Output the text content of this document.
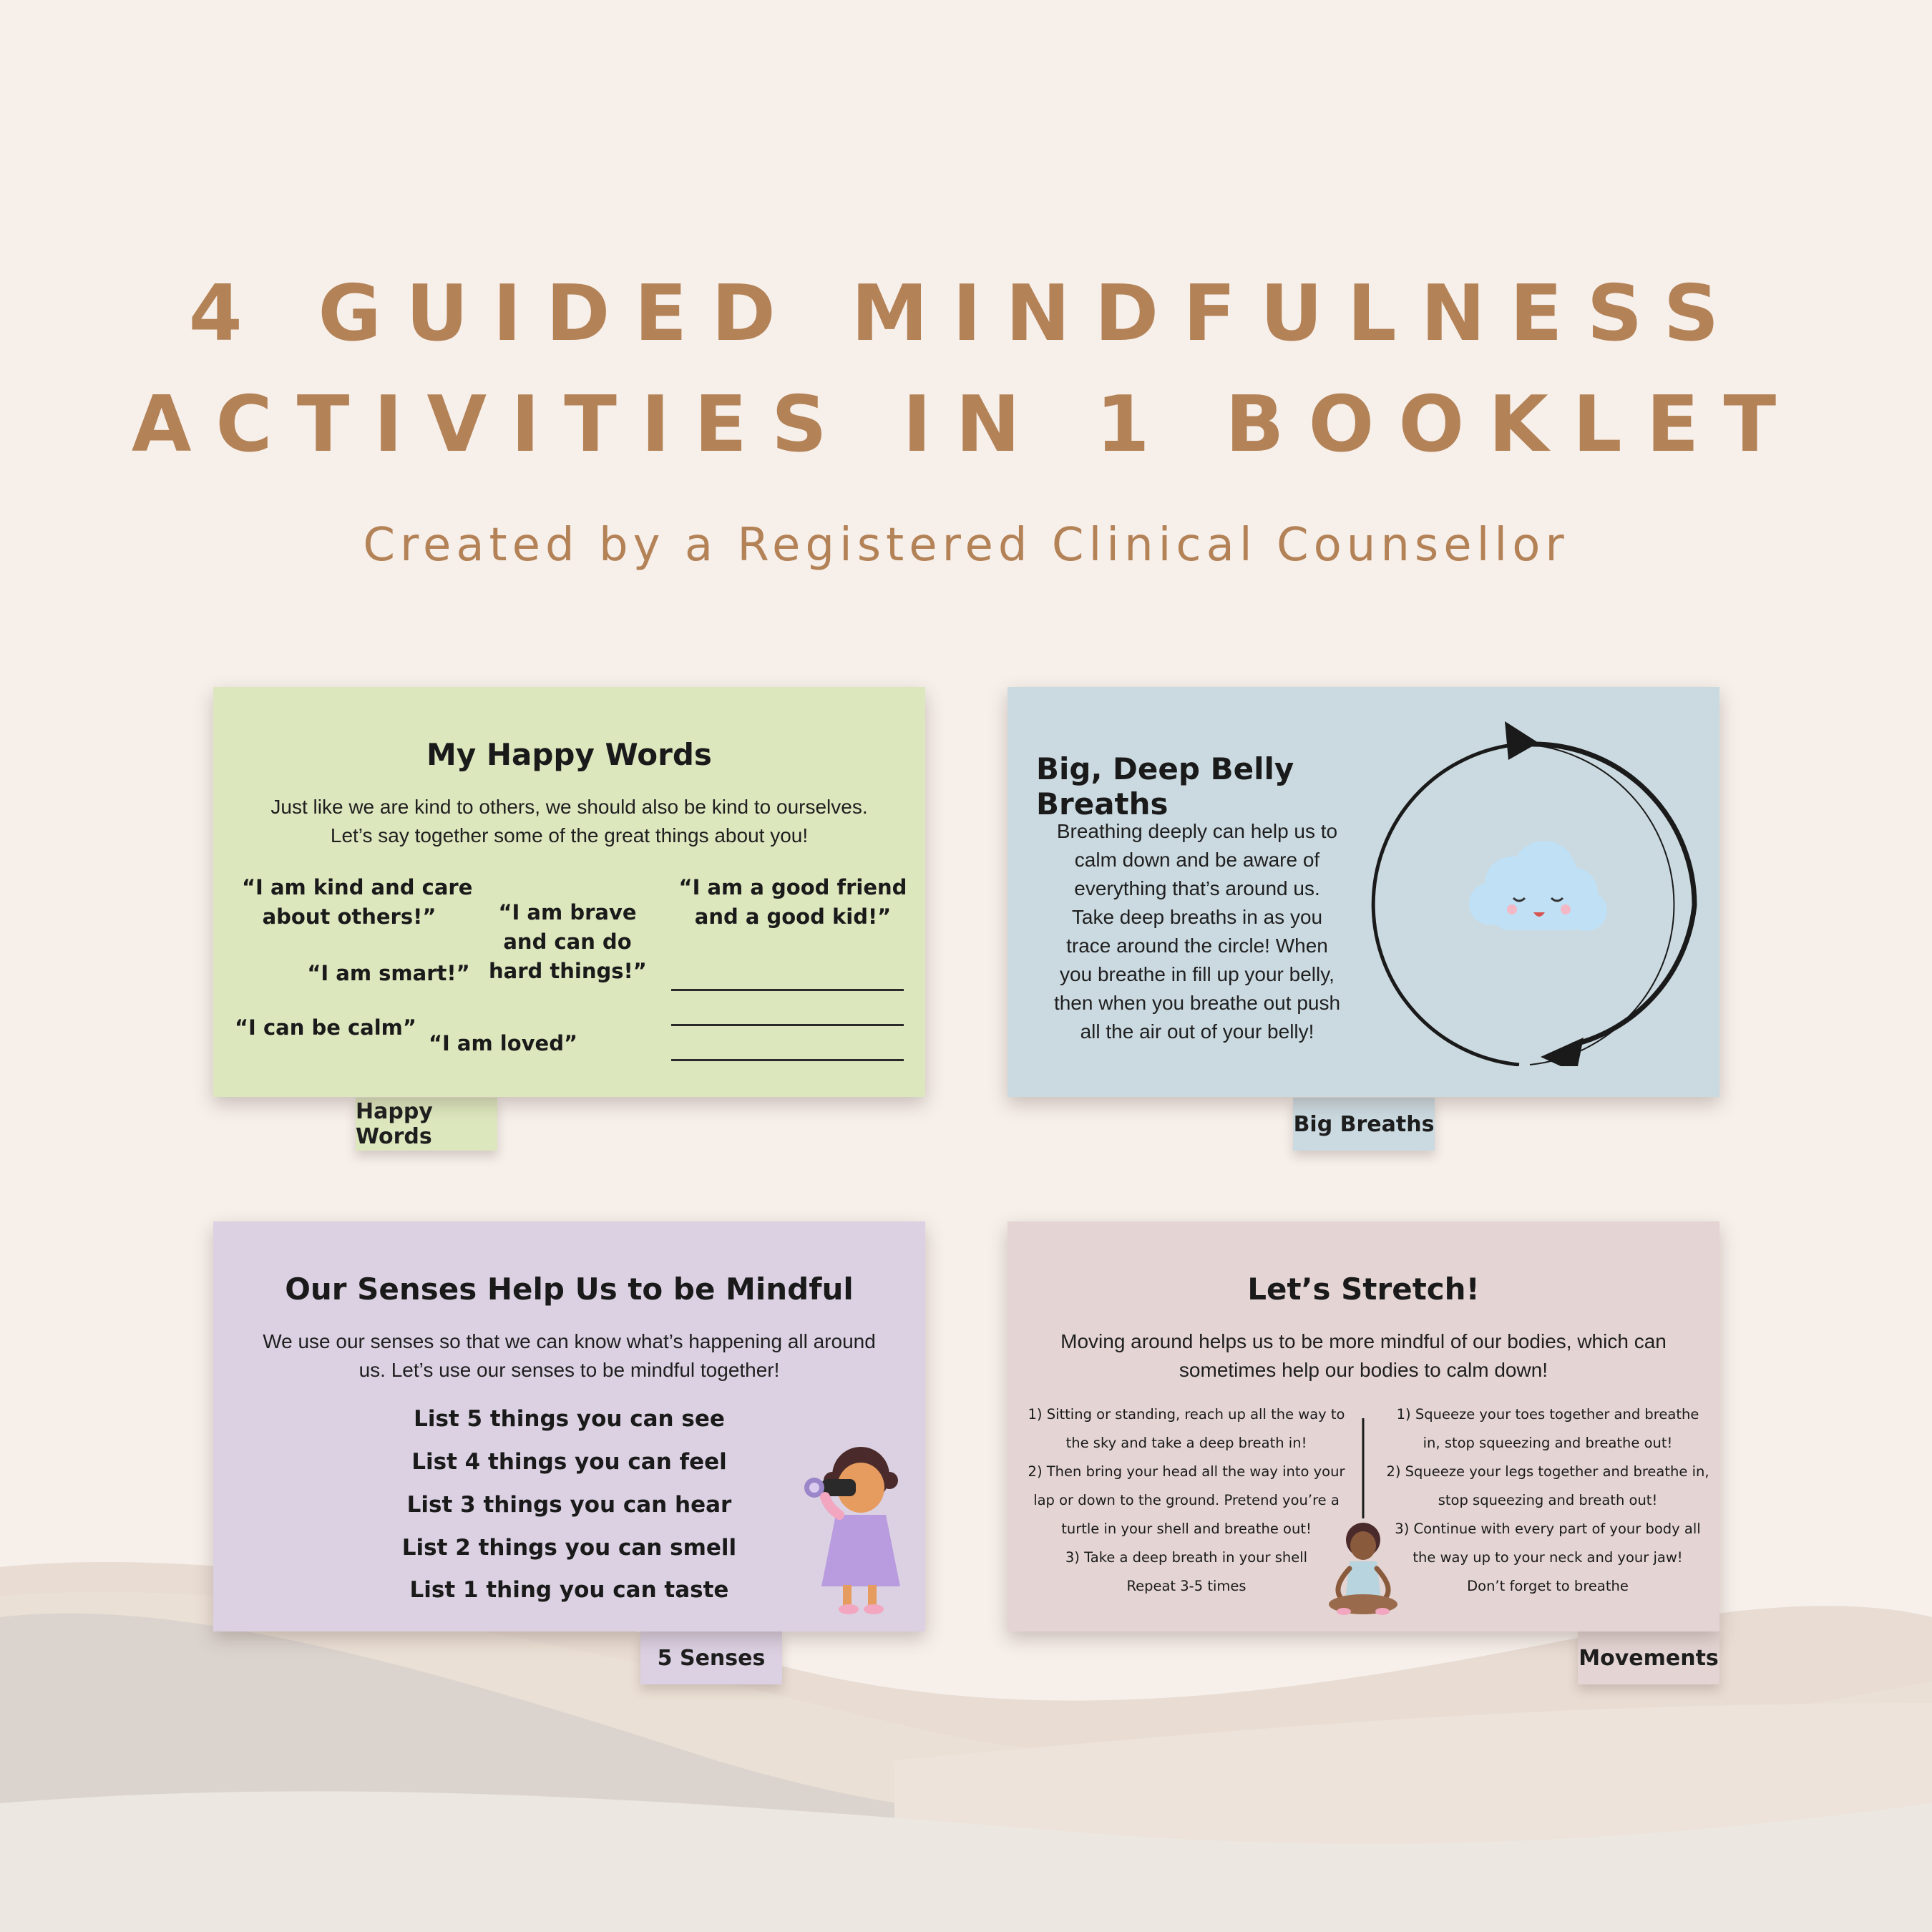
4 GUIDED MINDFULNESS
ACTIVITIES IN 1 BOOKLET

Created by a Registered Clinical Counsellor

Happy Words
My Happy Words

Just like we are kind to others, we should also be kind to ourselves.
Let’s say together some of the great things about you!

“I am kind and care
about others!”
“I am smart!”
“I can be calm”
“I am brave
and can do
hard things!”
“I am loved”
“I am a good friend
and a good kid!”
Big Breaths
Big, Deep Belly Breaths

Breathing deeply can help us to
calm down and be aware of
everything that’s around us.
Take deep breaths in as you
trace around the circle! When
you breathe in fill up your belly,
then when you breathe out push
all the air out of your belly!

5 Senses
Our Senses Help Us to be Mindful

We use our senses so that we can know what’s happening all around
us. Let’s use our senses to be mindful together!

List 5 things you can see
List 4 things you can feel
List 3 things you can hear
List 2 things you can smell
List 1 thing you can taste
Movements
Let’s Stretch!

Moving around helps us to be more mindful of our bodies, which can
sometimes help our bodies to calm down!

1) Sitting or standing, reach up all the way to
the sky and take a deep breath in!
2) Then bring your head all the way into your
lap or down to the ground. Pretend you’re a
turtle in your shell and breathe out!
3) Take a deep breath in your shell
Repeat 3-5 times
1) Squeeze your toes together and breathe
in, stop squeezing and breathe out!
2) Squeeze your legs together and breathe in,
stop squeezing and breath out!
3) Continue with every part of your body all
the way up to your neck and your jaw!
Don’t forget to breathe
